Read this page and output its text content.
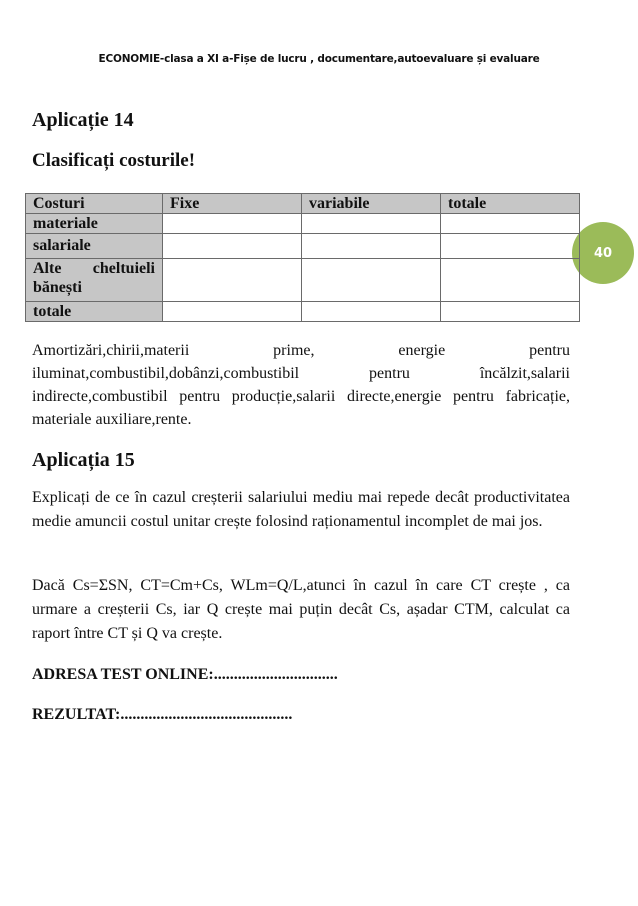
ECONOMIE-clasa a XI a-Fișe de lucru , documentare,autoevaluare și evaluare
40
Aplicație 14
Clasificați costurile!
Costuri	Fixe	variabile	totale
materiale			
salariale			
Alte cheltuieli bănești			
totale			
Amortizări,chirii,materii prime, energie pentru iluminat,combustibil,dobânzi,combustibil pentru încălzit,salarii indirecte,combustibil pentru producție,salarii directe,energie pentru fabricație, materiale auxiliare,rente.
Aplicația 15
Explicați de ce în cazul creșterii salariului mediu mai repede decât productivitatea medie amuncii costul unitar crește folosind raționamentul incomplet de mai jos.
Dacă Cs=ΣSN, CT=Cm+Cs, WLm=Q/L,atunci în cazul în care CT crește , ca urmare a creșterii Cs, iar Q crește mai puțin decât Cs, așadar CTM, calculat ca raport între CT și Q va crește.
ADRESA TEST ONLINE:...............................
REZULTAT:...........................................
